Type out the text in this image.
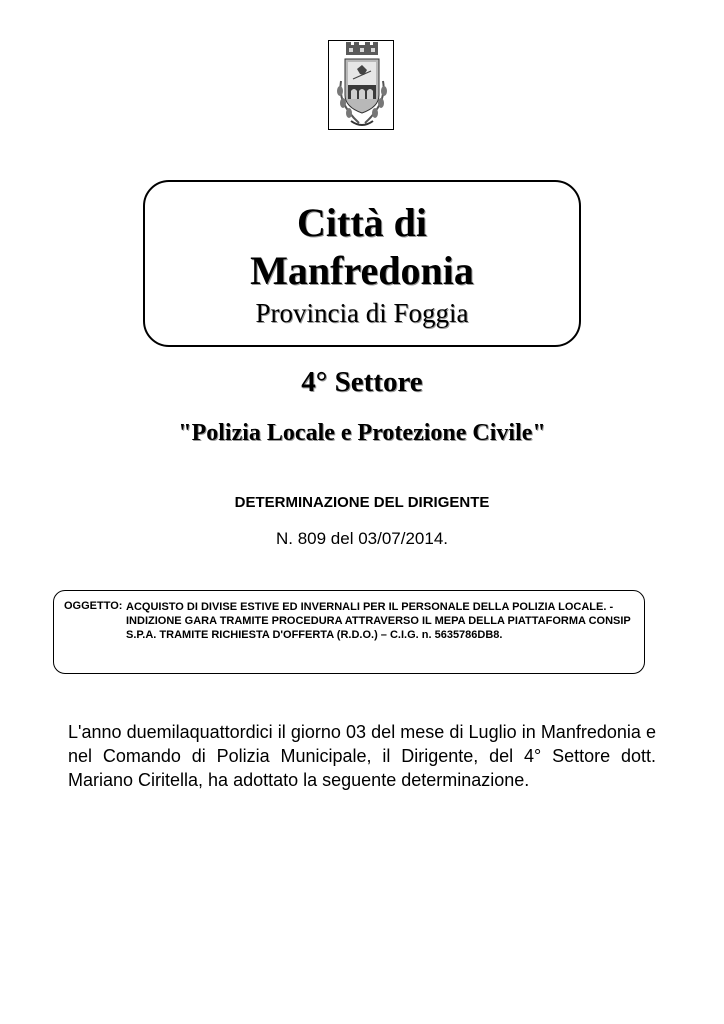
Città di
Manfredonia
Provincia di Foggia
4° Settore
"Polizia Locale e Protezione Civile"
DETERMINAZIONE DEL DIRIGENTE
N. 809 del 03/07/2014.
OGGETTO: ACQUISTO DI DIVISE ESTIVE ED INVERNALI PER IL PERSONALE DELLA POLIZIA LOCALE. - INDIZIONE GARA TRAMITE PROCEDURA ATTRAVERSO IL MEPA DELLA PIATTAFORMA CONSIP S.P.A. TRAMITE RICHIESTA D'OFFERTA (R.D.O.) – C.I.G. n. 5635786DB8.
L'anno duemilaquattordici il giorno 03 del mese di Luglio in Manfredonia e nel Comando di Polizia Municipale, il Dirigente, del 4° Settore dott. Mariano Ciritella, ha adottato la seguente determinazione.
